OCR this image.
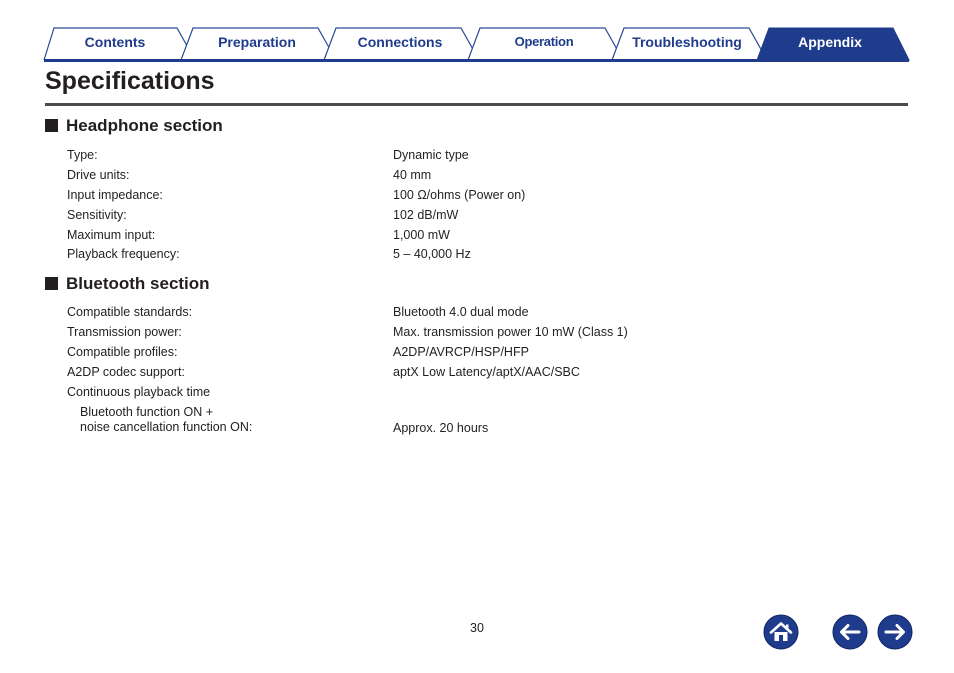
Contents	Preparation	Connections	Operation	Troubleshooting	Appendix
Specifications
Headphone section
Type:	Dynamic type
Drive units:	40 mm
Input impedance:	100 Ω/ohms (Power on)
Sensitivity:	102 dB/mW
Maximum input:	1,000 mW
Playback frequency:	5 – 40,000 Hz
Bluetooth section
Compatible standards:	Bluetooth 4.0 dual mode
Transmission power:	Max. transmission power 10 mW (Class 1)
Compatible profiles:	A2DP/AVRCP/HSP/HFP
A2DP codec support:	aptX Low Latency/aptX/AAC/SBC
Continuous playback time
Bluetooth function ON +
noise cancellation function ON:	Approx. 20 hours
30
